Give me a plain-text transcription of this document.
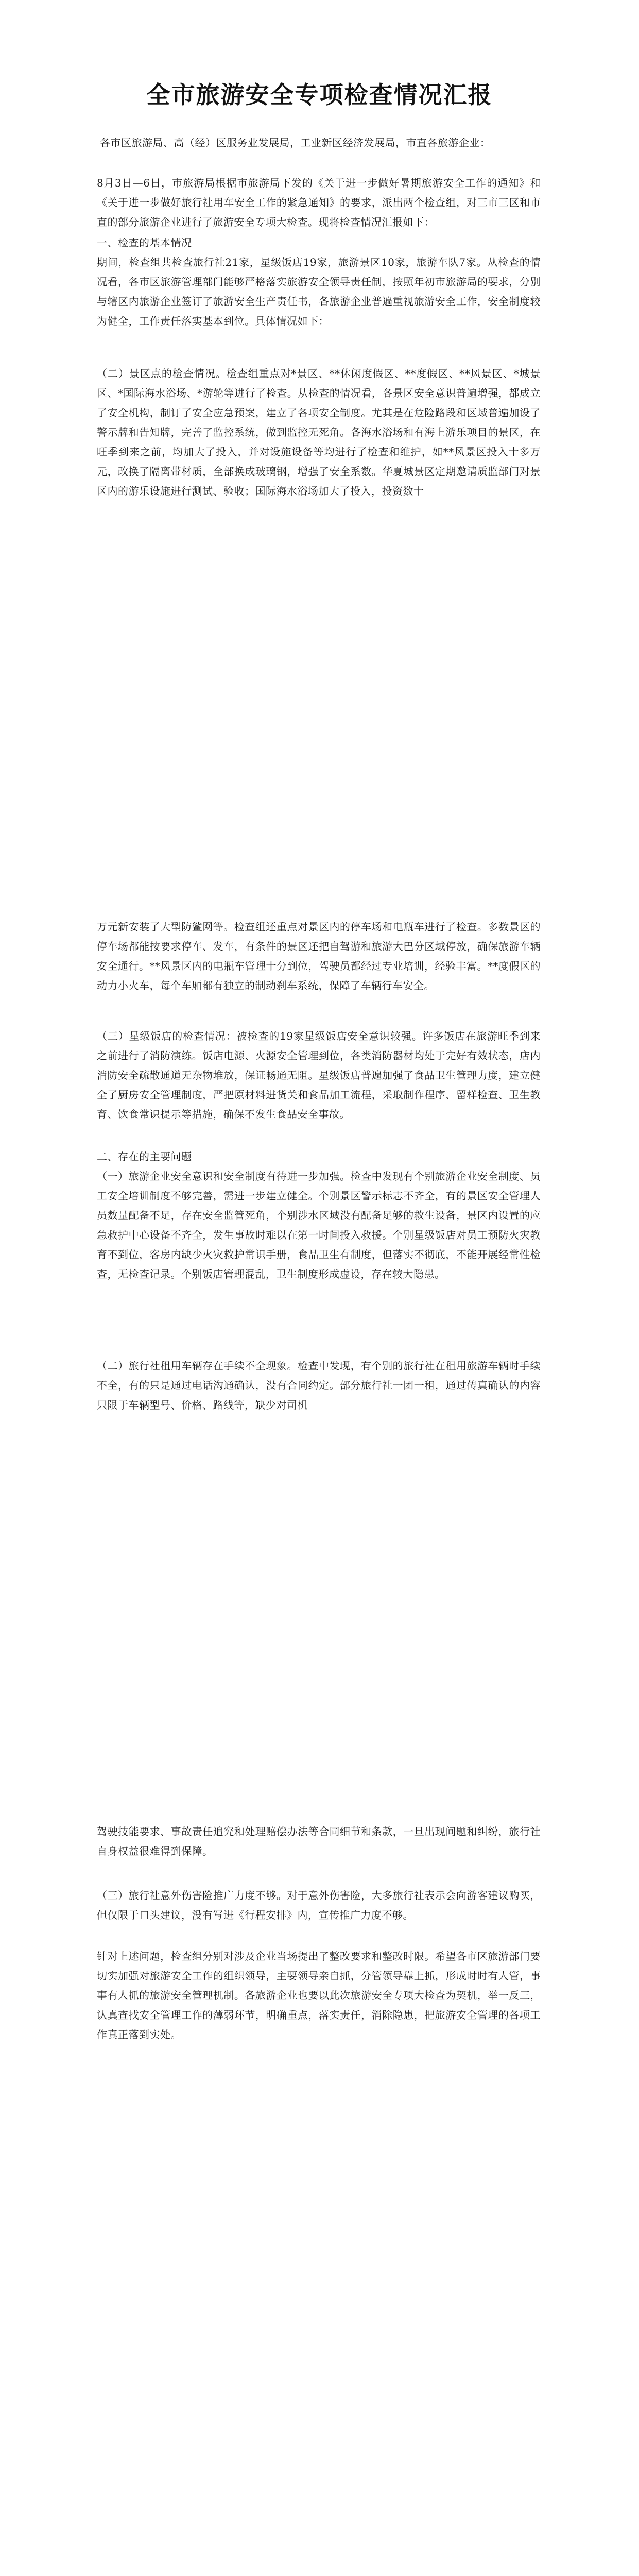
全市旅游安全专项检查情况汇报

各市区旅游局、高（经）区服务业发展局，工业新区经济发展局，市直各旅游企业：

8月3日—6日，市旅游局根据市旅游局下发的《关于进一步做好暑期旅游安全工作的通知》和《关于进一步做好旅行社用车安全工作的紧急通知》的要求，派出两个检查组，对三市三区和市直的部分旅游企业进行了旅游安全专项大检查。现将检查情况汇报如下：

一、检查的基本情况

期间，检查组共检查旅行社21家，星级饭店19家，旅游景区10家，旅游车队7家。从检查的情况看，各市区旅游管理部门能够严格落实旅游安全领导责任制，按照年初市旅游局的要求，分别与辖区内旅游企业签订了旅游安全生产责任书，各旅游企业普遍重视旅游安全工作，安全制度较为健全，工作责任落实基本到位。具体情况如下：

（二）景区点的检查情况。检查组重点对*景区、**休闲度假区、**度假区、**风景区、*城景区、*国际海水浴场、*游轮等进行了检查。从检查的情况看，各景区安全意识普遍增强，都成立了安全机构，制订了安全应急预案，建立了各项安全制度。尤其是在危险路段和区域普遍加设了警示牌和告知牌，完善了监控系统，做到监控无死角。各海水浴场和有海上游乐项目的景区，在旺季到来之前，均加大了投入，并对设施设备等均进行了检查和维护，如**风景区投入十多万元，改换了隔离带材质，全部换成玻璃钢，增强了安全系数。华夏城景区定期邀请质监部门对景区内的游乐设施进行测试、验收；国际海水浴场加大了投入，投资数十

万元新安装了大型防鲨网等。检查组还重点对景区内的停车场和电瓶车进行了检查。多数景区的停车场都能按要求停车、发车，有条件的景区还把自驾游和旅游大巴分区域停放，确保旅游车辆安全通行。**风景区内的电瓶车管理十分到位，驾驶员都经过专业培训，经验丰富。**度假区的动力小火车，每个车厢都有独立的制动刹车系统，保障了车辆行车安全。

（三）星级饭店的检查情况：被检查的19家星级饭店安全意识较强。许多饭店在旅游旺季到来之前进行了消防演练。饭店电源、火源安全管理到位，各类消防器材均处于完好有效状态，店内消防安全疏散通道无杂物堆放，保证畅通无阻。星级饭店普遍加强了食品卫生管理力度，建立健全了厨房安全管理制度，严把原材料进货关和食品加工流程，采取制作程序、留样检查、卫生教育、饮食常识提示等措施，确保不发生食品安全事故。

二、存在的主要问题

（一）旅游企业安全意识和安全制度有待进一步加强。检查中发现有个别旅游企业安全制度、员工安全培训制度不够完善，需进一步建立健全。个别景区警示标志不齐全，有的景区安全管理人员数量配备不足，存在安全监管死角，个别涉水区域没有配备足够的救生设备，景区内设置的应急救护中心设备不齐全，发生事故时难以在第一时间投入救援。个别星级饭店对员工预防火灾教育不到位，客房内缺少火灾救护常识手册，食品卫生有制度，但落实不彻底，不能开展经常性检查，无检查记录。个别饭店管理混乱，卫生制度形成虚设，存在较大隐患。

（二）旅行社租用车辆存在手续不全现象。检查中发现，有个别的旅行社在租用旅游车辆时手续不全，有的只是通过电话沟通确认，没有合同约定。部分旅行社一团一租，通过传真确认的内容只限于车辆型号、价格、路线等，缺少对司机

驾驶技能要求、事故责任追究和处理赔偿办法等合同细节和条款，一旦出现问题和纠纷，旅行社自身权益很难得到保障。

（三）旅行社意外伤害险推广力度不够。对于意外伤害险，大多旅行社表示会向游客建议购买，但仅限于口头建议，没有写进《行程安排》内，宣传推广力度不够。

针对上述问题，检查组分别对涉及企业当场提出了整改要求和整改时限。希望各市区旅游部门要切实加强对旅游安全工作的组织领导，主要领导亲自抓，分管领导靠上抓，形成时时有人管，事事有人抓的旅游安全管理机制。各旅游企业也要以此次旅游安全专项大检查为契机，举一反三，认真查找安全管理工作的薄弱环节，明确重点，落实责任，消除隐患，把旅游安全管理的各项工作真正落到实处。
